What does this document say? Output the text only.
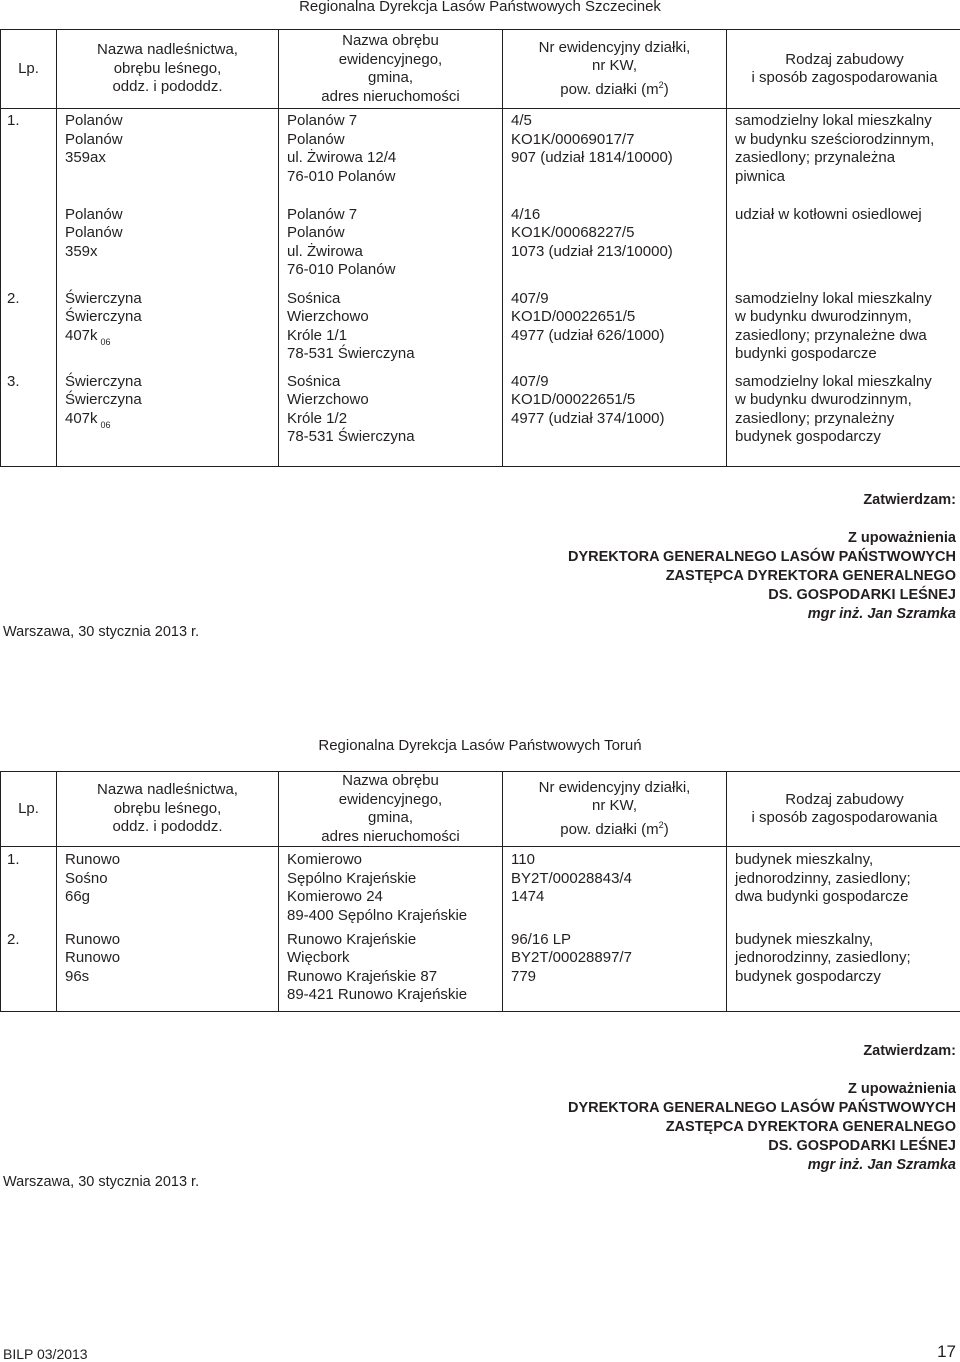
Regionalna Dyrekcja Lasów Państwowych Szczecinek
Lp.	Nazwa nadleśnictwa,
obrębu leśnego,
oddz. i pododdz.	Nazwa obrębu
ewidencyjnego,
gmina,
adres nieruchomości	Nr ewidencyjny działki,
nr KW,
pow. działki $(m^2)$	Rodzaj zabudowy
i sposób zagospodarowania

1.	Polanów
Polanów
359ax	Polanów 7
Polanów
ul. Żwirowa 12/4
76-010 Polanów	4/5
KO1K/00069017/7
907 (udział 1814/10000)	samodzielny lokal mieszkalny
w budynku sześciorodzinnym,
zasiedlony; przynależna
piwnica

	Polanów
Polanów
359x	Polanów 7
Polanów
ul. Żwirowa
76-010 Polanów	4/16
KO1K/00068227/5
1073 (udział 213/10000)	udział w kotłowni osiedlowej

2.	Świerczyna
Świerczyna
407k $_{06}$	Sośnica
Wierzchowo
Króle 1/1
78-531 Świerczyna	407/9
KO1D/00022651/5
4977 (udział 626/1000)	samodzielny lokal mieszkalny
w budynku dwurodzinnym,
zasiedlony; przynależne dwa
budynki gospodarcze

3.	Świerczyna
Świerczyna
407k $_{06}$	Sośnica
Wierzchowo
Króle 1/2
78-531 Świerczyna	407/9
KO1D/00022651/5
4977 (udział 374/1000)	samodzielny lokal mieszkalny
w budynku dwurodzinnym,
zasiedlony; przynależny
budynek gospodarczy
Zatwierdzam:
Z upoważnienia
DYREKTORA GENERALNEGO LASÓW PAŃSTWOWYCH
ZASTĘPCA DYREKTORA GENERALNEGO
DS. GOSPODARKI LEŚNEJ
mgr inż. Jan Szramka
Warszawa, 30 stycznia 2013 r.
Regionalna Dyrekcja Lasów Państwowych Toruń
Lp.	Nazwa nadleśnictwa,
obrębu leśnego,
oddz. i pododdz.	Nazwa obrębu
ewidencyjnego,
gmina,
adres nieruchomości	Nr ewidencyjny działki,
nr KW,
pow. działki $(m^2)$	Rodzaj zabudowy
i sposób zagospodarowania

1.	Runowo
Sośno
66g	Komierowo
Sępólno Krajeńskie
Komierowo 24
89-400 Sępólno Krajeńskie	110
BY2T/00028843/4
1474	budynek mieszkalny,
jednorodzinny, zasiedlony;
dwa budynki gospodarcze

2.	Runowo
Runowo
96s	Runowo Krajeńskie
Więcbork
Runowo Krajeńskie 87
89-421 Runowo Krajeńskie	96/16 LP
BY2T/00028897/7
779	budynek mieszkalny,
jednorodzinny, zasiedlony;
budynek gospodarczy
Zatwierdzam:
Z upoważnienia
DYREKTORA GENERALNEGO LASÓW PAŃSTWOWYCH
ZASTĘPCA DYREKTORA GENERALNEGO
DS. GOSPODARKI LEŚNEJ
mgr inż. Jan Szramka
Warszawa, 30 stycznia 2013 r.
BILP 03/2013	17
